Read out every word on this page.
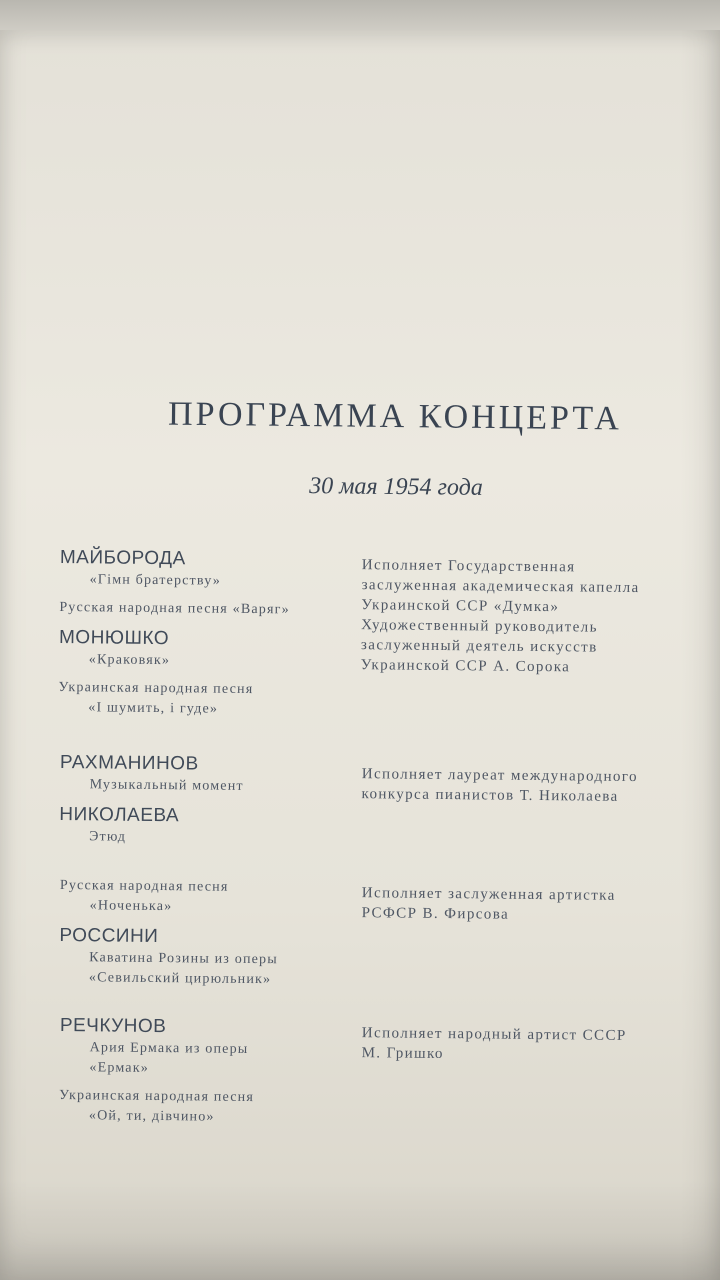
ПРОГРАММА КОНЦЕРТА
30 мая 1954 года

МАЙБОРОДА

«Гімн братерству»

Русская народная песня «Варяг»

МОНЮШКО

«Краковяк»

Украинская народная песня

«І шумить, і гуде»

Исполняет Государственная

заслуженная академическая капелла

Украинской ССР «Думка»

Художественный руководитель

заслуженный деятель искусств

Украинской ССР А. Сорока

РАХМАНИНОВ

Музыкальный момент

НИКОЛАЕВА

Этюд

Исполняет лауреат международного

конкурса пианистов Т. Николаева

Русская народная песня

«Ноченька»

РОССИНИ

Каватина Розины из оперы

«Севильский цирюльник»

Исполняет заслуженная артистка

РСФСР В. Фирсова

РЕЧКУНОВ

Ария Ермака из оперы

«Ермак»

Украинская народная песня

«Ой, ти, дівчино»

Исполняет народный артист СССР

М. Гришко
